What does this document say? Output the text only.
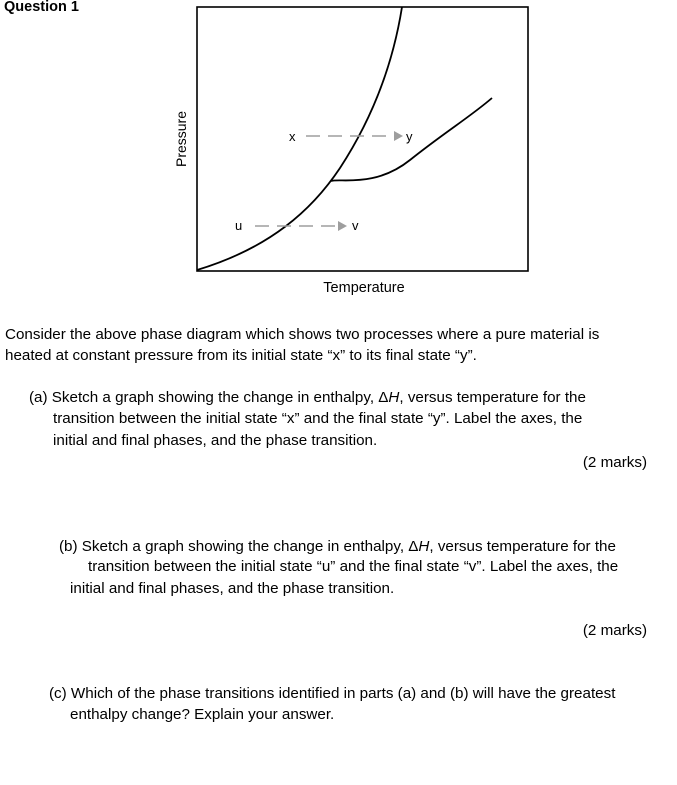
Question 1
x	y
u	v
Pressure
Temperature
Consider the above phase diagram which shows two processes where a pure material is
heated at constant pressure from its initial state “x” to its final state “y”.
(a) Sketch a graph showing the change in enthalpy, ΔH, versus temperature for the
transition between the initial state “x” and the final state “y”. Label the axes, the
initial and final phases, and the phase transition.
(2 marks)
(b) Sketch a graph showing the change in enthalpy, ΔH, versus temperature for the
transition between the initial state “u” and the final state “v”. Label the axes, the
initial and final phases, and the phase transition.
(2 marks)
(c) Which of the phase transitions identified in parts (a) and (b) will have the greatest
enthalpy change? Explain your answer.
